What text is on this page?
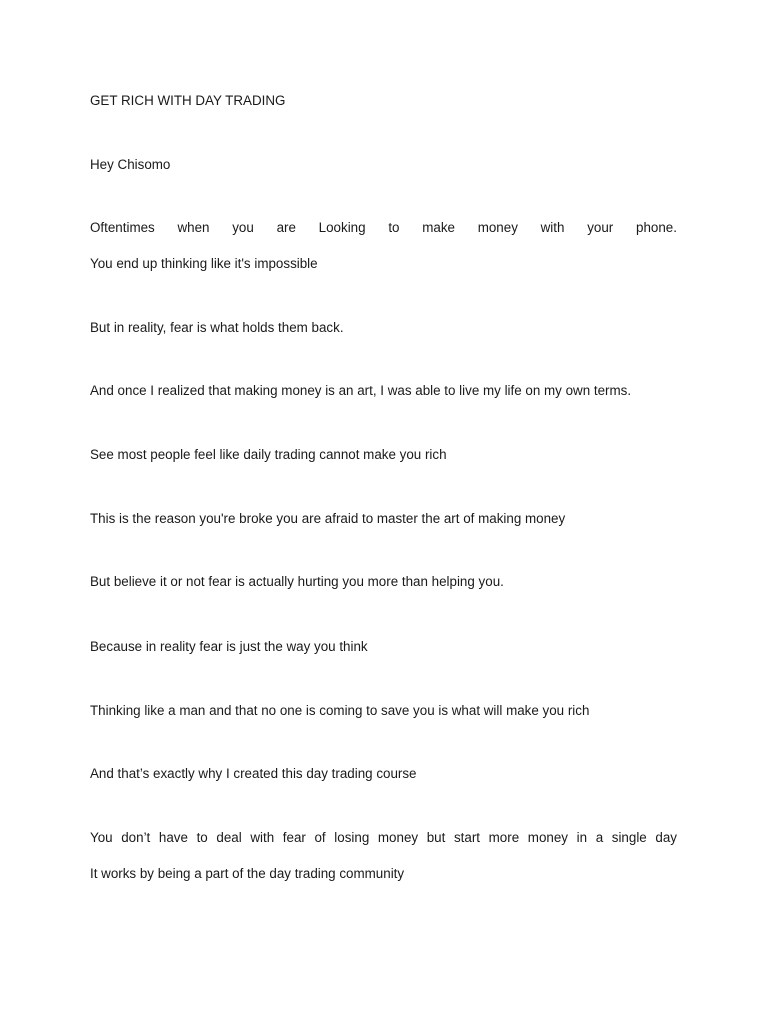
GET RICH WITH DAY TRADING
Hey Chisomo
Oftentimes when you are Looking to make money with your phone.
You end up thinking like it's impossible
But in reality, fear is what holds them back.
And once I realized that making money is an art, I was able to live my life on my own terms.
See most people feel like daily trading cannot make you rich
This is the reason you're broke you are afraid to master the art of making money
But believe it or not fear is actually hurting you more than helping you.
Because in reality fear is just the way you think
Thinking like a man and that no one is coming to save you is what will make you rich
And that’s exactly why I created this day trading course
You don’t have to deal with fear of losing money but start more money in a single day
It works by being a part of the day trading community
